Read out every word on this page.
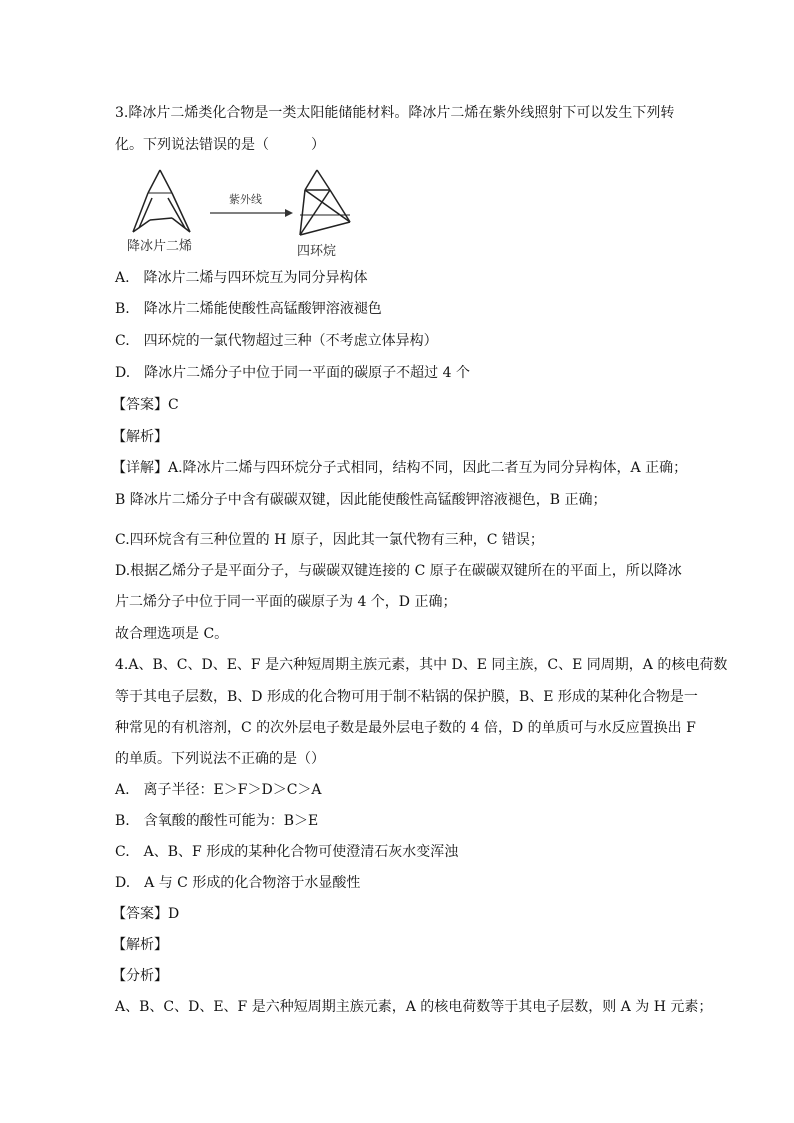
3.降冰片二烯类化合物是一类太阳能储能材料。降冰片二烯在紫外线照射下可以发生下列转
化。下列说法错误的是（　　　）
降冰片二烯
紫外线
四环烷
A.　降冰片二烯与四环烷互为同分异构体
B.　降冰片二烯能使酸性高锰酸钾溶液褪色
C.　四环烷的一氯代物超过三种（不考虑立体异构）
D.　降冰片二烯分子中位于同一平面的碳原子不超过 4 个
【答案】C
【解析】
【详解】A.降冰片二烯与四环烷分子式相同，结构不同，因此二者互为同分异构体，A 正确；
B 降冰片二烯分子中含有碳碳双键，因此能使酸性高锰酸钾溶液褪色，B 正确；
C.四环烷含有三种位置的 H 原子，因此其一氯代物有三种，C 错误；
D.根据乙烯分子是平面分子，与碳碳双键连接的 C 原子在碳碳双键所在的平面上，所以降冰
片二烯分子中位于同一平面的碳原子为 4 个，D 正确；
故合理选项是 C。
4.A、B、C、D、E、F 是六种短周期主族元素，其中 D、E 同主族，C、E 同周期，A 的核电荷数
等于其电子层数，B、D 形成的化合物可用于制不粘锅的保护膜，B、E 形成的某种化合物是一
种常见的有机溶剂，C 的次外层电子数是最外层电子数的 4 倍，D 的单质可与水反应置换出 F
的单质。下列说法不正确的是（）
A.　离子半径：E＞F＞D＞C＞A
B.　含氧酸的酸性可能为：B＞E
C.　A、B、F 形成的某种化合物可使澄清石灰水变浑浊
D.　A 与 C 形成的化合物溶于水显酸性
【答案】D
【解析】
【分析】
A、B、C、D、E、F 是六种短周期主族元素，A 的核电荷数等于其电子层数，则 A 为 H 元素；
